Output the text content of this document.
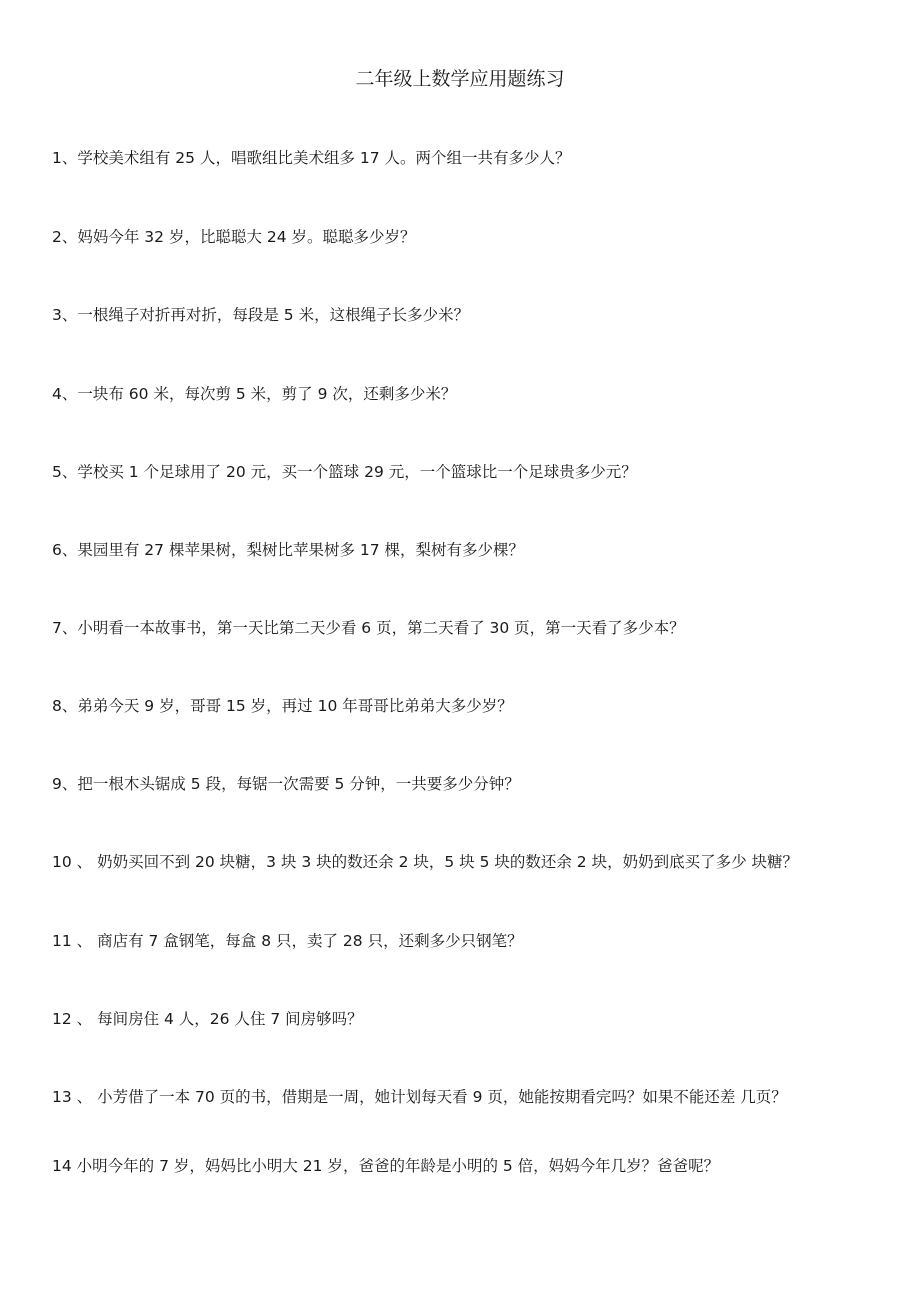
二年级上数学应用题练习
1、学校美术组有 25 人，唱歌组比美术组多 17 人。两个组一共有多少人？
2、妈妈今年 32 岁，比聪聪大 24 岁。聪聪多少岁？
3、一根绳子对折再对折，每段是 5 米，这根绳子长多少米？
4、一块布 60 米，每次剪 5 米，剪了 9 次，还剩多少米？
5、学校买 1 个足球用了 20 元，买一个篮球 29 元，一个篮球比一个足球贵多少元？
6、果园里有 27 棵苹果树，梨树比苹果树多 17 棵，梨树有多少棵？
7、小明看一本故事书，第一天比第二天少看 6 页，第二天看了 30 页，第一天看了多少本？
8、弟弟今天 9 岁，哥哥 15 岁，再过 10 年哥哥比弟弟大多少岁？
9、把一根木头锯成 5 段，每锯一次需要 5 分钟，一共要多少分钟？
10 、 奶奶买回不到 20 块糖，3 块 3 块的数还余 2 块，5 块 5 块的数还余 2 块，奶奶到底买了多少 块糖？
11 、 商店有 7 盒钢笔，每盒 8 只，卖了 28 只，还剩多少只钢笔？
12 、 每间房住 4 人，26 人住 7 间房够吗？
13 、 小芳借了一本 70 页的书，借期是一周，她计划每天看 9 页，她能按期看完吗？如果不能还差 几页？
14 小明今年的 7 岁，妈妈比小明大 21 岁，爸爸的年龄是小明的 5 倍，妈妈今年几岁？爸爸呢？
